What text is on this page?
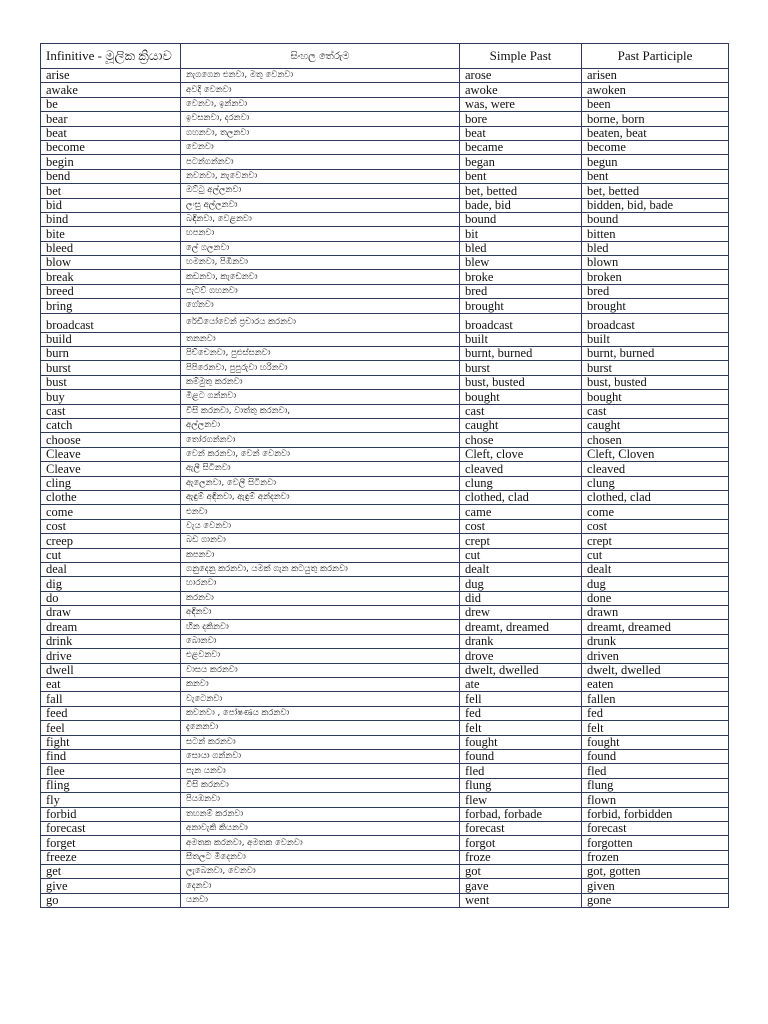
Infinitive - මූලික ක්‍රියාව	සිංහල තේරුම	Simple Past	Past Participle
arise	නැගගෙන එනවා, මතු වෙනවා	arose	arisen
awake	අවදි වෙනවා	awoke	awoken
be	වෙනවා, ඉන්නවා	was, were	been
bear	ඉවසනවා, දරනවා	bore	borne, born
beat	ගහනවා, තලනවා	beat	beaten, beat
become	වෙනවා	became	become
begin	පටන්ගන්නවා	began	begun
bend	නවනවා, නැවෙනවා	bent	bent
bet	ඔට්ටු අල්ලනවා	bet, betted	bet, betted
bid	ලංසු අල්ලනවා	bade, bid	bidden, bid, bade
bind	බඳිනවා, වෙළනවා	bound	bound
bite	හපනවා	bit	bitten
bleed	ලේ ගලනවා	bled	bled
blow	හමනවා, පිඹිනවා	blew	blown
break	කඩනවා, කැඩෙනවා	broke	broken
breed	පැටව් ගහනවා	bred	bred
bring	ගේනවා	brought	brought
broadcast	රේඩියෝවෙන් ප්‍රචාරය කරනවා	broadcast	broadcast
build	තනනවා	built	built
burn	පිච්චෙනවා, පුළුස්සනවා	burnt, burned	burnt, burned
burst	පිපිරෙනවා, පුපුරුවා හරිනවා	burst	burst
bust	කම්මුතු කරනවා	bust, busted	bust, busted
buy	මිළට ගන්නවා	bought	bought
cast	විසි කරනවා, වාත්තු කරනවා,	cast	cast
catch	අල්ලනවා	caught	caught
choose	තෝරගන්නවා	chose	chosen
Cleave	වෙන් කරනවා, වෙන් වෙනවා	Cleft, clove	Cleft, Cloven
Cleave	ඇලී සිටිනවා	cleaved	cleaved
cling	ඇලෙනවා, වෙලී සිටිනවා	clung	clung
clothe	ඇඳුම් අඳිනවා, ඇඳුම් අන්දනවා	clothed, clad	clothed, clad
come	එනවා	came	come
cost	වැය වෙනවා	cost	cost
creep	බඩ ගානවා	crept	crept
cut	කපනවා	cut	cut
deal	ගනුදෙනු කරනවා, යමක් ගැන කටයුතු කරනවා	dealt	dealt
dig	හාරනවා	dug	dug
do	කරනවා	did	done
draw	අඳිනවා	drew	drawn
dream	හීන දකිනවා	dreamt, dreamed	dreamt, dreamed
drink	බොනවා	drank	drunk
drive	එළවනවා	drove	driven
dwell	වාසය කරනවා	dwelt, dwelled	dwelt, dwelled
eat	කනවා	ate	eaten
fall	වැටෙනවා	fell	fallen
feed	කවනවා , පෝෂණය කරනවා	fed	fed
feel	දැනෙනවා	felt	felt
fight	සටන් කරනවා	fought	fought
find	සොයා ගන්නවා	found	found
flee	පැන යනවා	fled	fled
fling	විසි කරනවා	flung	flung
fly	පියඹනවා	flew	flown
forbid	තහනම් කරනවා	forbad, forbade	forbid, forbidden
forecast	අනාවැකි කියනවා	forecast	forecast
forget	අමතක කරනවා, අමතක වෙනවා	forgot	forgotten
freeze	සීතලට මීදෙනවා	froze	frozen
get	ලැබෙනවා, වෙනවා	got	got, gotten
give	දෙනවා	gave	given
go	යනවා	went	gone
